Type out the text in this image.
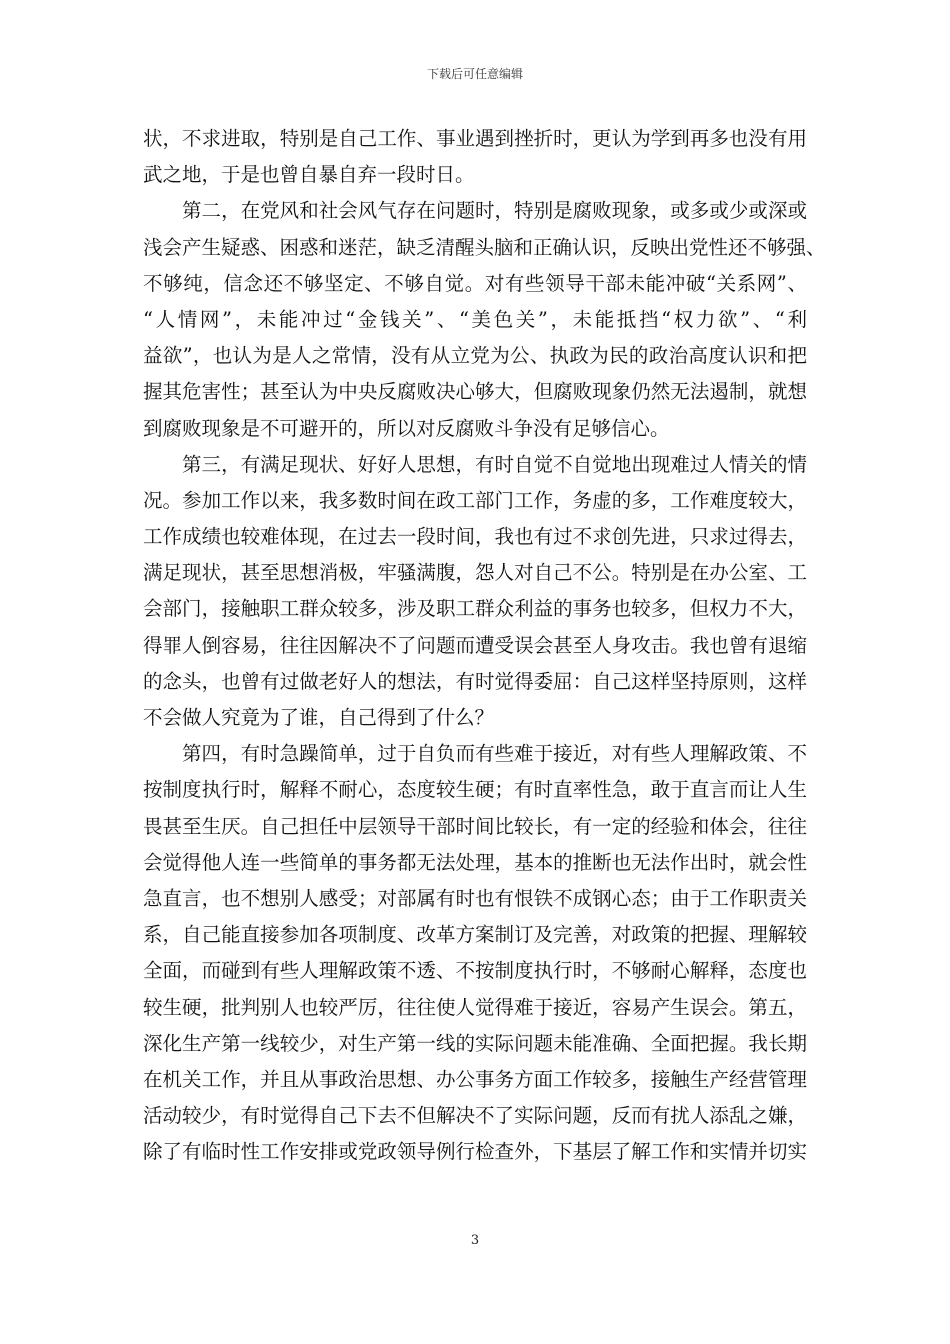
下载后可任意编辑
状，不求进取，特别是自己工作、事业遇到挫折时，更认为学到再多也没有用
武之地，于是也曾自暴自弃一段时日。
第二，在党风和社会风气存在问题时，特别是腐败现象，或多或少或深或
浅会产生疑惑、困惑和迷茫，缺乏清醒头脑和正确认识，反映出党性还不够强、
不够纯，信念还不够坚定、不够自觉。对有些领导干部未能冲破“关系网”、
“人情网”，未能冲过“金钱关”、“美色关”，未能抵挡“权力欲”、“利
益欲”，也认为是人之常情，没有从立党为公、执政为民的政治高度认识和把
握其危害性；甚至认为中央反腐败决心够大，但腐败现象仍然无法遏制，就想
到腐败现象是不可避开的，所以对反腐败斗争没有足够信心。
第三，有满足现状、好好人思想，有时自觉不自觉地出现难过人情关的情
况。参加工作以来，我多数时间在政工部门工作，务虚的多，工作难度较大，
工作成绩也较难体现，在过去一段时间，我也有过不求创先进，只求过得去，
满足现状，甚至思想消极，牢骚满腹，怨人对自己不公。特别是在办公室、工
会部门，接触职工群众较多，涉及职工群众利益的事务也较多，但权力不大，
得罪人倒容易，往往因解决不了问题而遭受误会甚至人身攻击。我也曾有退缩
的念头，也曾有过做老好人的想法，有时觉得委屈：自己这样坚持原则，这样
不会做人究竟为了谁，自己得到了什么？
第四，有时急躁简单，过于自负而有些难于接近，对有些人理解政策、不
按制度执行时，解释不耐心，态度较生硬；有时直率性急，敢于直言而让人生
畏甚至生厌。自己担任中层领导干部时间比较长，有一定的经验和体会，往往
会觉得他人连一些简单的事务都无法处理，基本的推断也无法作出时，就会性
急直言，也不想别人感受；对部属有时也有恨铁不成钢心态；由于工作职责关
系，自己能直接参加各项制度、改革方案制订及完善，对政策的把握、理解较
全面，而碰到有些人理解政策不透、不按制度执行时，不够耐心解释，态度也
较生硬，批判别人也较严厉，往往使人觉得难于接近，容易产生误会。第五，
深化生产第一线较少，对生产第一线的实际问题未能准确、全面把握。我长期
在机关工作，并且从事政治思想、办公事务方面工作较多，接触生产经营管理
活动较少，有时觉得自己下去不但解决不了实际问题，反而有扰人添乱之嫌，
除了有临时性工作安排或党政领导例行检查外，下基层了解工作和实情并切实
3
